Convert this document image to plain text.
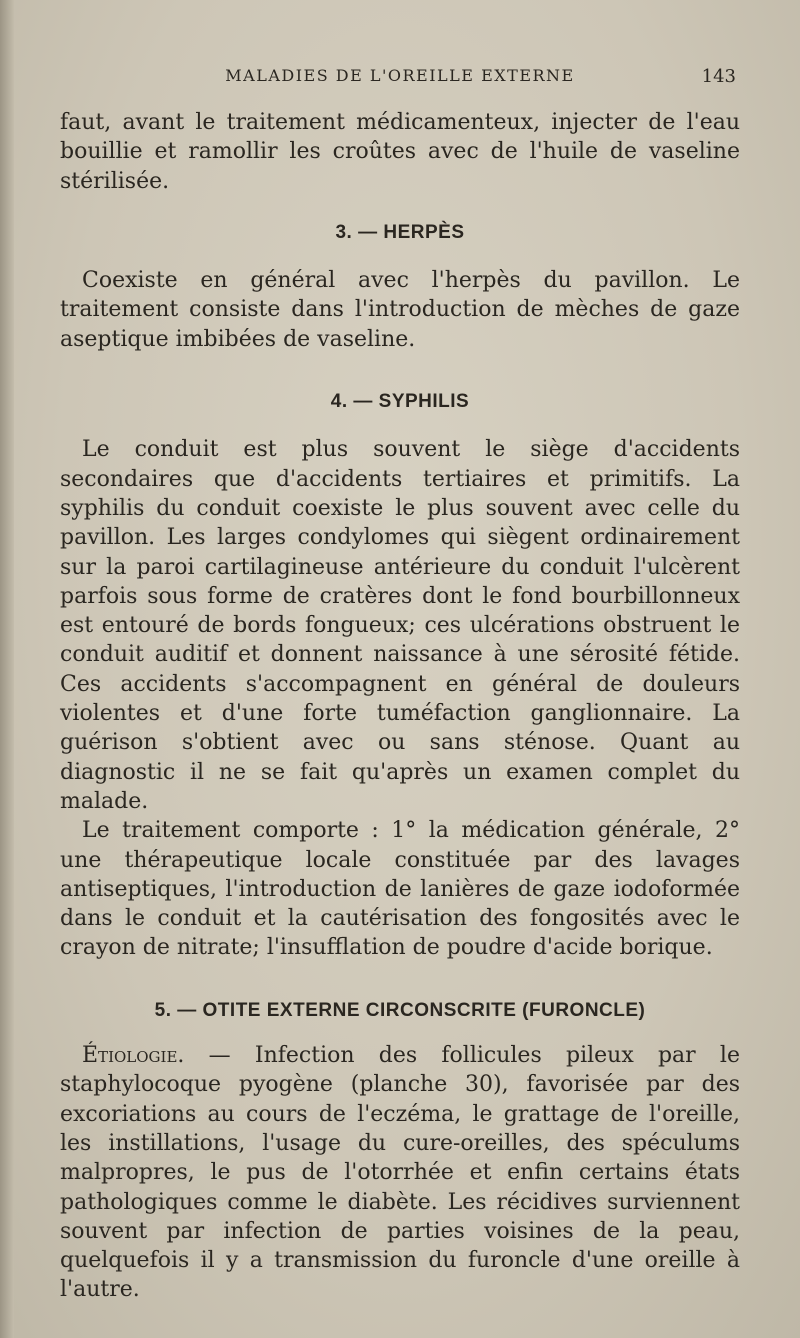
MALADIES DE L'OREILLE EXTERNE	143

faut, avant le traitement médicamenteux, injecter de l'eau bouillie et ramollir les croûtes avec de l'huile de vaseline stérilisée.

3. — HERPÈS

Coexiste en général avec l'herpès du pavillon. Le traitement consiste dans l'introduction de mèches de gaze aseptique imbibées de vaseline.

4. — SYPHILIS

Le conduit est plus souvent le siège d'accidents secondaires que d'accidents tertiaires et primitifs. La syphilis du conduit coexiste le plus souvent avec celle du pavillon. Les larges condylomes qui siègent ordinairement sur la paroi cartilagineuse antérieure du conduit l'ulcèrent parfois sous forme de cratères dont le fond bourbillonneux est entouré de bords fongueux; ces ulcérations obstruent le conduit auditif et donnent naissance à une sérosité fétide. Ces accidents s'accompagnent en général de douleurs violentes et d'une forte tuméfaction ganglionnaire. La guérison s'obtient avec ou sans sténose. Quant au diagnostic il ne se fait qu'après un examen complet du malade.

Le traitement comporte : 1° la médication générale, 2° une thérapeutique locale constituée par des lavages antiseptiques, l'introduction de lanières de gaze iodoformée dans le conduit et la cautérisation des fongosités avec le crayon de nitrate; l'insufflation de poudre d'acide borique.

5. — OTITE EXTERNE CIRCONSCRITE (FURONCLE)

Étiologie. — Infection des follicules pileux par le staphylocoque pyogène (planche 30), favorisée par des excoriations au cours de l'eczéma, le grattage de l'oreille, les instillations, l'usage du cure-oreilles, des spéculums malpropres, le pus de l'otorrhée et enfin certains états pathologiques comme le diabète. Les récidives surviennent souvent par infection de parties voisines de la peau, quelquefois il y a transmission du furoncle d'une oreille à l'autre.
